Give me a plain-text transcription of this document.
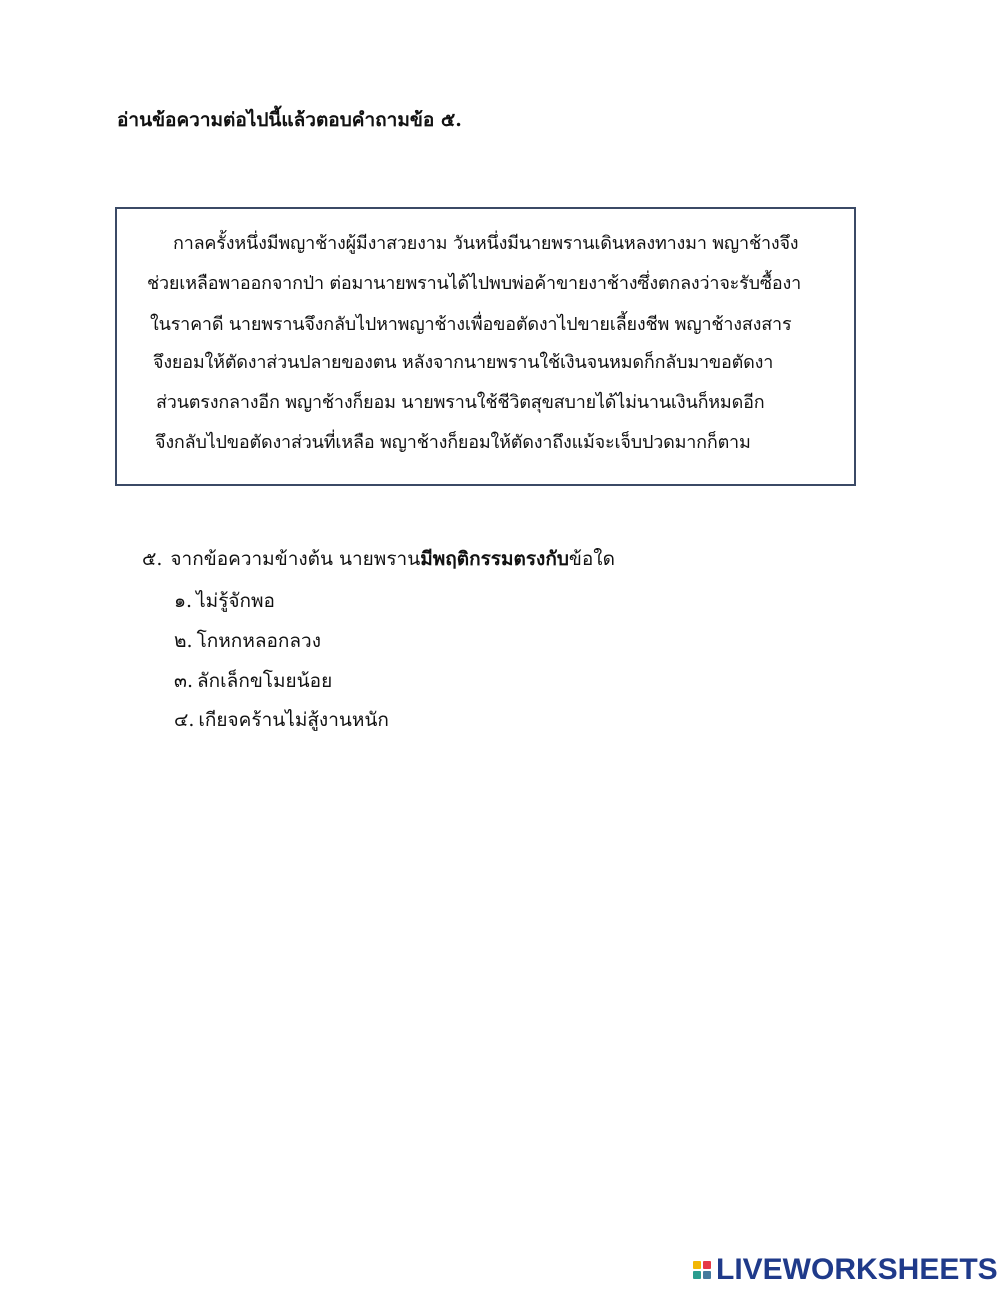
อ่านข้อความต่อไปนี้แล้วตอบคำถามข้อ ๕.
กาลครั้งหนึ่งมีพญาช้างผู้มีงาสวยงาม วันหนึ่งมีนายพรานเดินหลงทางมา พญาช้างจึง
ช่วยเหลือพาออกจากป่า ต่อมานายพรานได้ไปพบพ่อค้าขายงาช้างซึ่งตกลงว่าจะรับซื้องา
ในราคาดี นายพรานจึงกลับไปหาพญาช้างเพื่อขอตัดงาไปขายเลี้ยงชีพ พญาช้างสงสาร
จึงยอมให้ตัดงาส่วนปลายของตน หลังจากนายพรานใช้เงินจนหมดก็กลับมาขอตัดงา
ส่วนตรงกลางอีก พญาช้างก็ยอม นายพรานใช้ชีวิตสุขสบายได้ไม่นานเงินก็หมดอีก
จึงกลับไปขอตัดงาส่วนที่เหลือ พญาช้างก็ยอมให้ตัดงาถึงแม้จะเจ็บปวดมากก็ตาม
๕. จากข้อความข้างต้น นายพรานมีพฤติกรรมตรงกับข้อใด
๑. ไม่รู้จักพอ
๒. โกหกหลอกลวง
๓. ลักเล็กขโมยน้อย
๔. เกียจคร้านไม่สู้งานหนัก
LIVEWORKSHEETS
